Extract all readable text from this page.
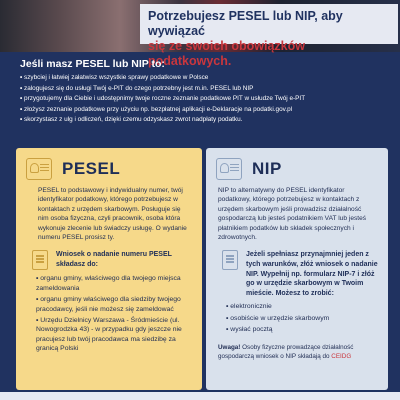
Potrzebujesz PESEL lub NIP, aby wywiązać
się ze swoich obowiązków podatkowych.
Jeśli masz PESEL lub NIP to:
• szybciej i łatwiej załatwisz wszystkie sprawy podatkowe w Polsce
• zalogujesz się do usługi Twój e-PIT do czego potrzebny jest m.in. PESEL lub NIP
• przygotujemy dla Ciebie i udostępnimy twoje roczne zeznanie podatkowe PIT w usłudze Twój e-PIT
• złożysz zeznanie podatkowe przy użyciu np. bezpłatnej aplikacji e-Deklaracje na podatki.gov.pl
• skorzystasz z ulg i odliczeń, dzięki czemu odzyskasz zwrot nadpłaty podatku.
PESEL

PESEL to podstawowy i indywidualny numer, twój identyfikator podatkowy, którego potrzebujesz w kontaktach z urzędem skarbowym. Posługuje się nim osoba fizyczna, czyli pracownik, osoba która wykonuje zlecenie lub świadczy usługę. O wydanie numeru PESEL prosisz ty.

Wniosek o nadanie numeru PESEL składasz do:
• organu gminy, właściwego dla twojego miejsca zameldowania
• organu gminy właściwego dla siedziby twojego pracodawcy, jeśli nie możesz się zameldować
• Urzędu Dzielnicy Warszawa - Śródmieście (ul. Nowogrodzka 43) - w przypadku gdy jeszcze nie pracujesz lub twój pracodawca ma siedzibę za granicą Polski
NIP

NIP to alternatywny do PESEL identyfikator podatkowy, którego potrzebujesz w kontaktach z urzędem skarbowym jeśli prowadzisz działalność gospodarczą lub jesteś podatnikiem VAT lub jesteś płatnikiem podatków lub składek społecznych i zdrowotnych.

Jeżeli spełniasz przynajmniej jeden z tych warunków, złóż wniosek o nadanie NIP. Wypełnij np. formularz NIP-7 i złóż go w urzędzie skarbowym w Twoim mieście. Możesz to zrobić:
• elektronicznie
• osobiście w urzędzie skarbowym
• wysłać pocztą
Uwaga! Osoby fizyczne prowadzące działalność gospodarczą wniosek o NIP składają do CEIDG
